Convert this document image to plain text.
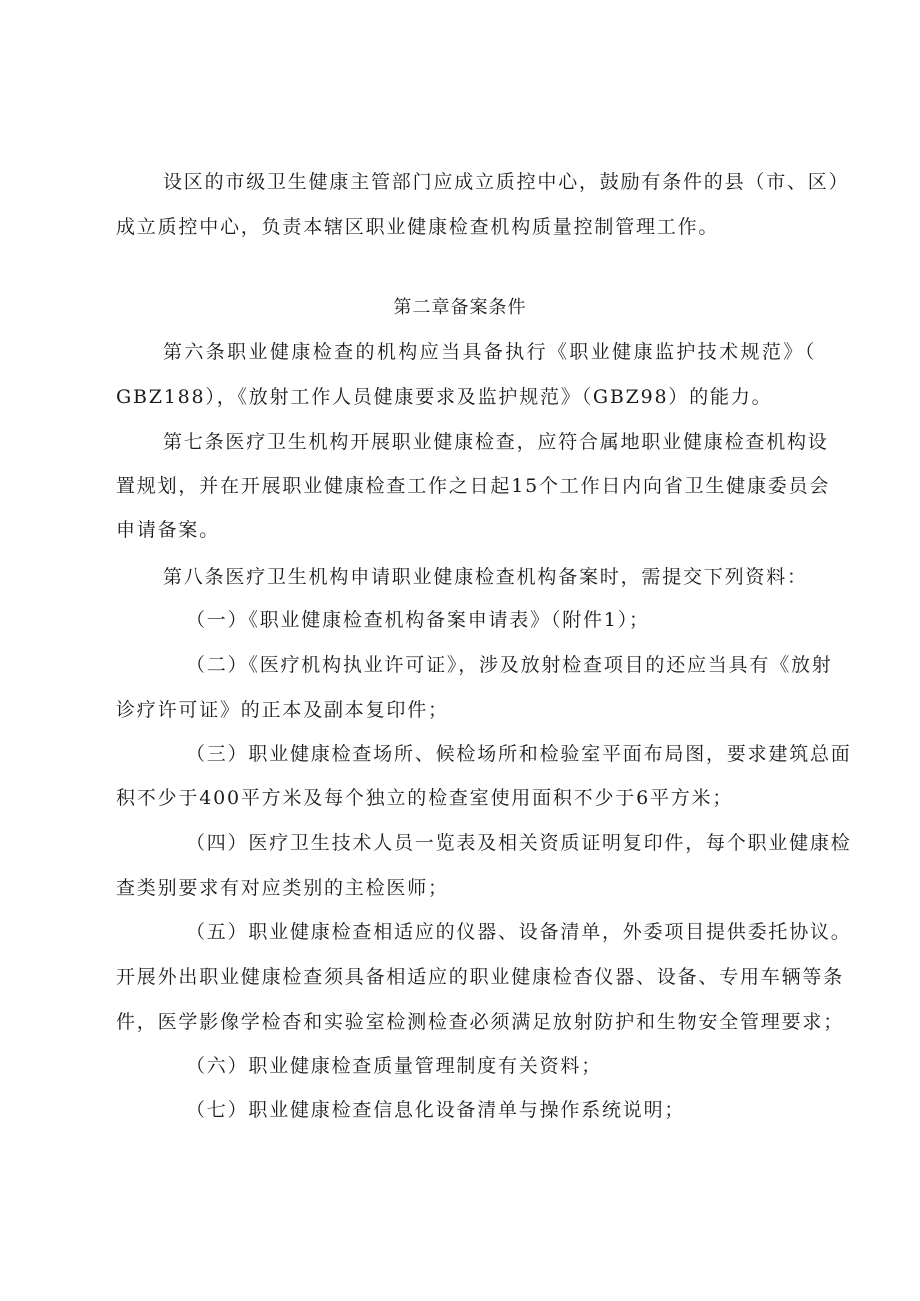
设区的市级卫生健康主管部门应成立质控中心，鼓励有条件的县（市、区）
成立质控中心，负责本辖区职业健康检查机构质量控制管理工作。
第二章备案条件
第六条职业健康检查的机构应当具备执行《职业健康监护技术规范》（
GBZ188），《放射工作人员健康要求及监护规范》（GBZ98）的能力。
第七条医疗卫生机构开展职业健康检查，应符合属地职业健康检查机构设
置规划，并在开展职业健康检查工作之日起15个工作日内向省卫生健康委员会
申请备案。
第八条医疗卫生机构申请职业健康检查机构备案时，需提交下列资料：
（一）《职业健康检查机构备案申请表》（附件1）；
（二）《医疗机构执业许可证》，涉及放射检查项目的还应当具有《放射
诊疗许可证》的正本及副本复印件；
（三）职业健康检查场所、候检场所和检验室平面布局图，要求建筑总面
积不少于400平方米及每个独立的检查室使用面积不少于6平方米；
（四）医疗卫生技术人员一览表及相关资质证明复印件，每个职业健康检
查类别要求有对应类别的主检医师；
（五）职业健康检查相适应的仪器、设备清单，外委项目提供委托协议。
开展外出职业健康检查须具备相适应的职业健康检杳仪器、设备、专用车辆等条
件，医学影像学检杳和实验室检测检查必须满足放射防护和生物安全管理要求；
（六）职业健康检查质量管理制度有关资料；
（七）职业健康检查信息化设备清单与操作系统说明；
